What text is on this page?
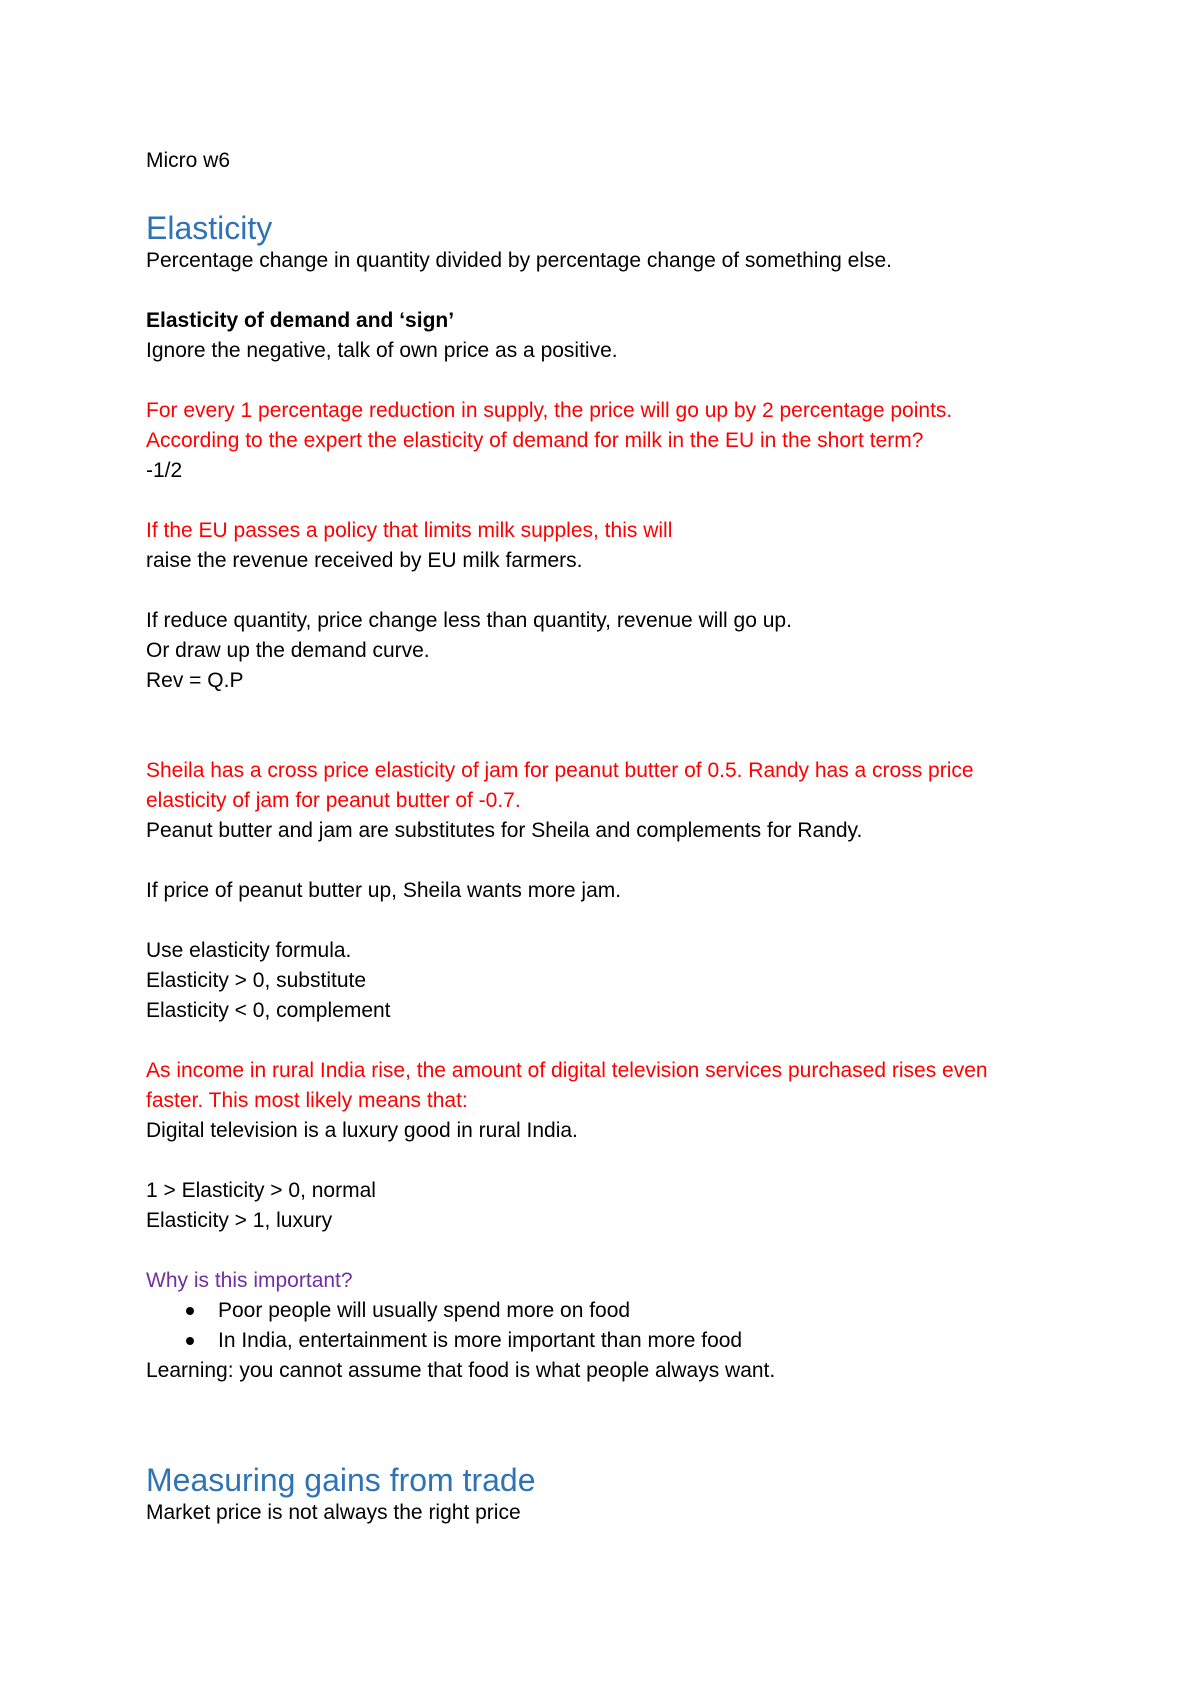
Micro w6
Elasticity
Percentage change in quantity divided by percentage change of something else.
Elasticity of demand and ‘sign’
Ignore the negative, talk of own price as a positive.
For every 1 percentage reduction in supply, the price will go up by 2 percentage points.
According to the expert the elasticity of demand for milk in the EU in the short term?
-1/2
If the EU passes a policy that limits milk supples, this will
raise the revenue received by EU milk farmers.
If reduce quantity, price change less than quantity, revenue will go up.
Or draw up the demand curve.
Rev = Q.P
Sheila has a cross price elasticity of jam for peanut butter of 0.5. Randy has a cross price
elasticity of jam for peanut butter of -0.7.
Peanut butter and jam are substitutes for Sheila and complements for Randy.
If price of peanut butter up, Sheila wants more jam.
Use elasticity formula.
Elasticity > 0, substitute
Elasticity < 0, complement
As income in rural India rise, the amount of digital television services purchased rises even
faster. This most likely means that:
Digital television is a luxury good in rural India.
1 > Elasticity > 0, normal
Elasticity > 1, luxury
Why is this important?
Poor people will usually spend more on food
In India, entertainment is more important than more food
Learning: you cannot assume that food is what people always want.
Measuring gains from trade
Market price is not always the right price
